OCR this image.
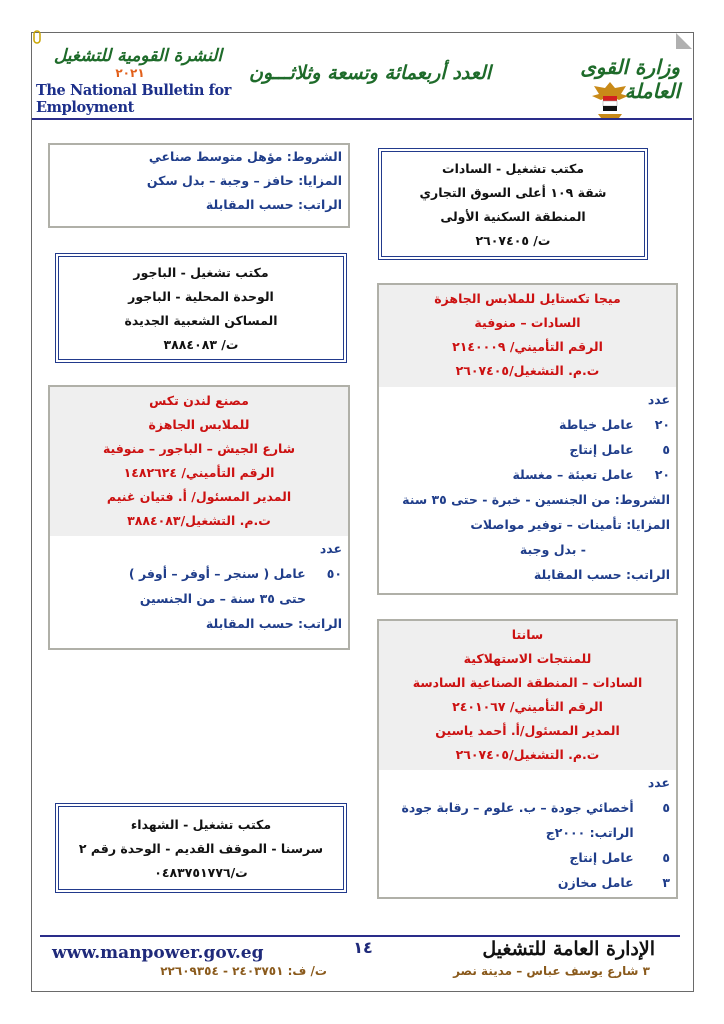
وزارة القوى العاملة
العدد أربعمائة وتسعة وثلاثـــون
النشرة القومية للتشغيل
٢٠٢١
The National Bulletin for Employment
مكتب تشغيل - السادات
شقة ١٠٩ أعلى السوق التجاري
المنطقة السكنية الأولى
ت/ ٢٦٠٧٤٠٥
الشروط: مؤهل متوسط صناعي
المزايا: حافز – وجبة – بدل سكن
الراتب: حسب المقابلة
مكتب تشغيل - الباجور
الوحدة المحلية - الباجور
المساكن الشعبية الجديدة
ت/ ٣٨٨٤٠٨٣
ميجا تكستايل للملابس الجاهزة
السادات – منوفية
الرقم التأميني/ ٢١٤٠٠٠٩
ت.م. التشغيل/٢٦٠٧٤٠٥
عدد
٢٠ عامل خياطة
٥ عامل إنتاج
٢٠ عامل تعبئة – مغسلة
الشروط: من الجنسين - خبرة - حتى ٣٥ سنة
المزايا: تأمينات – توفير مواصلات
- بدل وجبة
الراتب: حسب المقابلة
مصنع لندن تكس
للملابس الجاهزة
شارع الجيش – الباجور – منوفية
الرقم التأميني/ ١٤٨٢٦٢٤
المدير المسئول/ أ. فتيان غنيم
ت.م. التشغيل/٣٨٨٤٠٨٣
عدد
٥٠ عامل ( سنجر – أوفر – أوفر )
حتى ٣٥ سنة – من الجنسين
الراتب: حسب المقابلة
سانتا
للمنتجات الاستهلاكية
السادات – المنطقة الصناعية السادسة
الرقم التأميني/ ٢٤٠١٠٦٧
المدير المسئول/أ. أحمد ياسين
ت.م. التشغيل/٢٦٠٧٤٠٥
عدد
٥ أخصائي جودة – ب. علوم – رقابة جودة
الراتب: ٢٠٠٠ج
٥ عامل إنتاج
٣ عامل مخازن
مكتب تشغيل - الشهداء
سرسنا - الموقف القديم - الوحدة رقم ٢
ت/٠٤٨٣٧٥١٧٧٦
الإدارة العامة للتشغيل
٣ شارع يوسف عباس – مدينة نصر
١٤
www.manpower.gov.eg
ت/ ف: ٢٤٠٣٧٥١ - ٢٢٦٠٩٣٥٤
